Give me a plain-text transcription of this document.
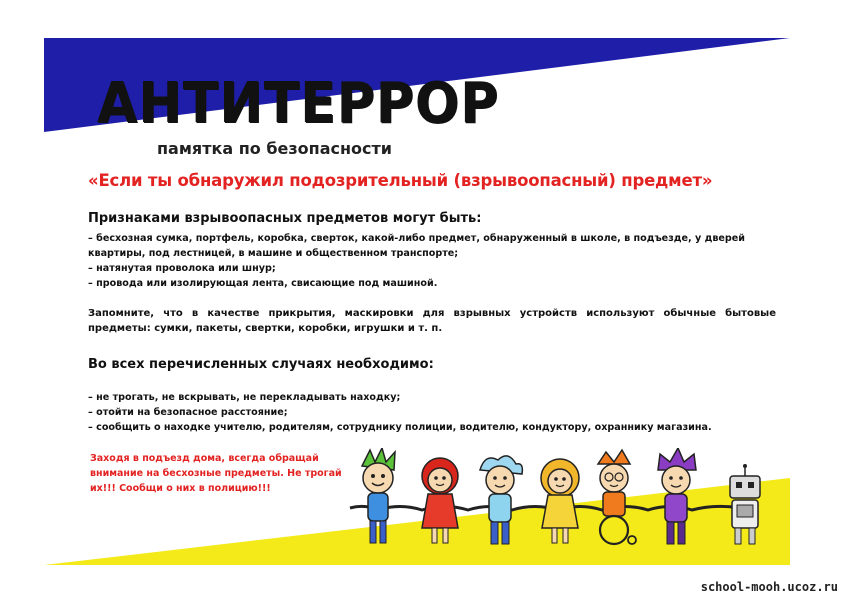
АНТИТЕРРОР
памятка по безопасности
«Если ты обнаружил подозрительный (взрывоопасный) предмет»
Признаками взрывоопасных предметов могут быть:
– бесхозная сумка, портфель, коробка, сверток, какой-либо предмет, обнаруженный в школе, в подъезде, у дверей
квартиры, под лестницей, в машине и общественном транспорте;
– натянутая проволока или шнур;
– провода или изолирующая лента, свисающие под машиной.
Запомните, что в качестве прикрытия, маскировки для взрывных устройств используют обычные бытовые предметы: сумки, пакеты, свертки, коробки, игрушки и т. п.
Во всех перечисленных случаях необходимо:
– не трогать, не вскрывать, не перекладывать находку;
– отойти на безопасное расстояние;
– сообщить о находке учителю, родителям, сотруднику полиции, водителю, кондуктору, охраннику магазина.
Заходя в подъезд дома, всегда обращай внимание на бесхозные предметы. Не трогай их!!! Сообщи о них в полицию!!!
school-mooh.ucoz.ru
